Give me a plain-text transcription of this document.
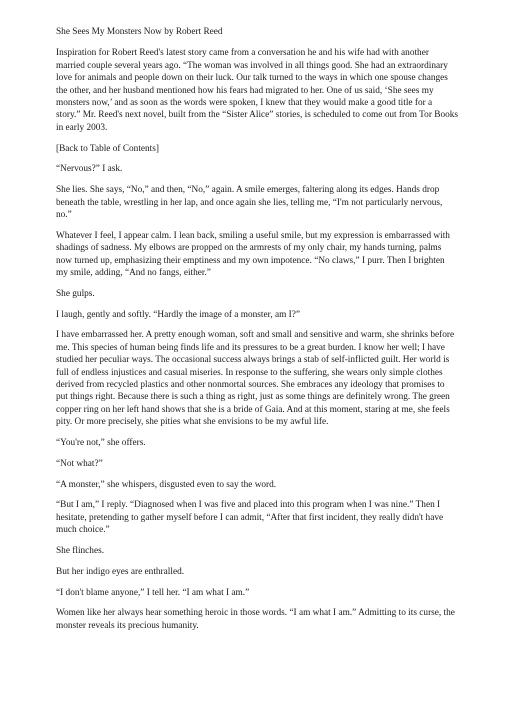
She Sees My Monsters Now by Robert Reed

Inspiration for Robert Reed's latest story came from a conversation he and his wife had with another married couple several years ago. “The woman was involved in all things good. She had an extraordinary love for animals and people down on their luck. Our talk turned to the ways in which one spouse changes the other, and her husband mentioned how his fears had migrated to her. One of us said, ‘She sees my monsters now,’ and as soon as the words were spoken, I knew that they would make a good title for a story.” Mr. Reed's next novel, built from the “Sister Alice” stories, is scheduled to come out from Tor Books in early 2003.

[Back to Table of Contents]

“Nervous?” I ask.

She lies. She says, “No,” and then, “No,” again. A smile emerges, faltering along its edges. Hands drop beneath the table, wrestling in her lap, and once again she lies, telling me, “I'm not particularly nervous, no.”

Whatever I feel, I appear calm. I lean back, smiling a useful smile, but my expression is embarrassed with shadings of sadness. My elbows are propped on the armrests of my only chair, my hands turning, palms now turned up, emphasizing their emptiness and my own impotence. “No claws,” I purr. Then I brighten my smile, adding, “And no fangs, either.”

She gulps.

I laugh, gently and softly. “Hardly the image of a monster, am I?”

I have embarrassed her. A pretty enough woman, soft and small and sensitive and warm, she shrinks before me. This species of human being finds life and its pressures to be a great burden. I know her well; I have studied her peculiar ways. The occasional success always brings a stab of self-inflicted guilt. Her world is full of endless injustices and casual miseries. In response to the suffering, she wears only simple clothes derived from recycled plastics and other nonmortal sources. She embraces any ideology that promises to put things right. Because there is such a thing as right, just as some things are definitely wrong. The green copper ring on her left hand shows that she is a bride of Gaia. And at this moment, staring at me, she feels pity. Or more precisely, she pities what she envisions to be my awful life.

“You're not,” she offers.

“Not what?”

“A monster,” she whispers, disgusted even to say the word.

“But I am,” I reply. “Diagnosed when I was five and placed into this program when I was nine.” Then I hesitate, pretending to gather myself before I can admit, “After that first incident, they really didn't have much choice.”

She flinches.

But her indigo eyes are enthralled.

“I don't blame anyone,” I tell her. “I am what I am.”

Women like her always hear something heroic in those words. “I am what I am.” Admitting to its curse, the monster reveals its precious humanity.
